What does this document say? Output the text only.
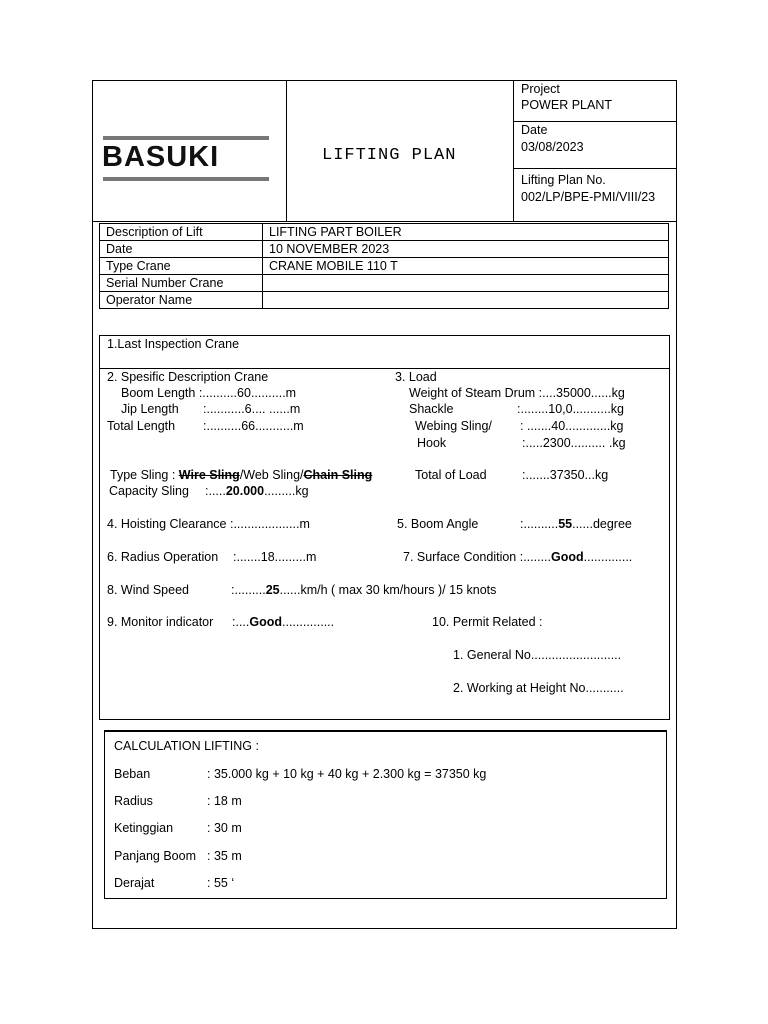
BASUKI	LIFTING PLAN
Project
POWER PLANT
Date
03/08/2023
Lifting Plan No.
002/LP/BPE-PMI/VIII/23
Description of Lift	LIFTING PART BOILER
Date	10 NOVEMBER 2023
Type Crane	CRANE MOBILE 110 T
Serial Number Crane	
Operator Name	
1.Last Inspection Crane
2. Spesific Description Crane
Boom Length :..........60..........m
Jip Length :...........6.... ......m
Total Length :..........66...........m
Type Sling : Wire Sling/Web Sling/Chain Sling
Capacity Sling :.....20.000.........kg
3. Load
Weight of Steam Drum :....35000......kg
Shackle	:........10,0...........kg
Webing Sling/ : .......40.............kg
Hook	:.....2300.......... .kg
Total of Load	:.......37350...kg
4. Hoisting Clearance :...................m	5. Boom Angle	:..........55......degree
6. Radius Operation :.......18.........m	7. Surface Condition :........Good..............
8. Wind Speed	:.........25......km/h ( max 30 km/hours )/ 15 knots
9. Monitor indicator :....Good...............	10. Permit Related :
1. General No..........................
2. Working at Height No...........
CALCULATION LIFTING :
Beban	: 35.000 kg + 10 kg + 40 kg + 2.300 kg = 37350 kg
Radius	: 18 m
Ketinggian	: 30 m
Panjang Boom : 35 m
Derajat	: 55 ‘
